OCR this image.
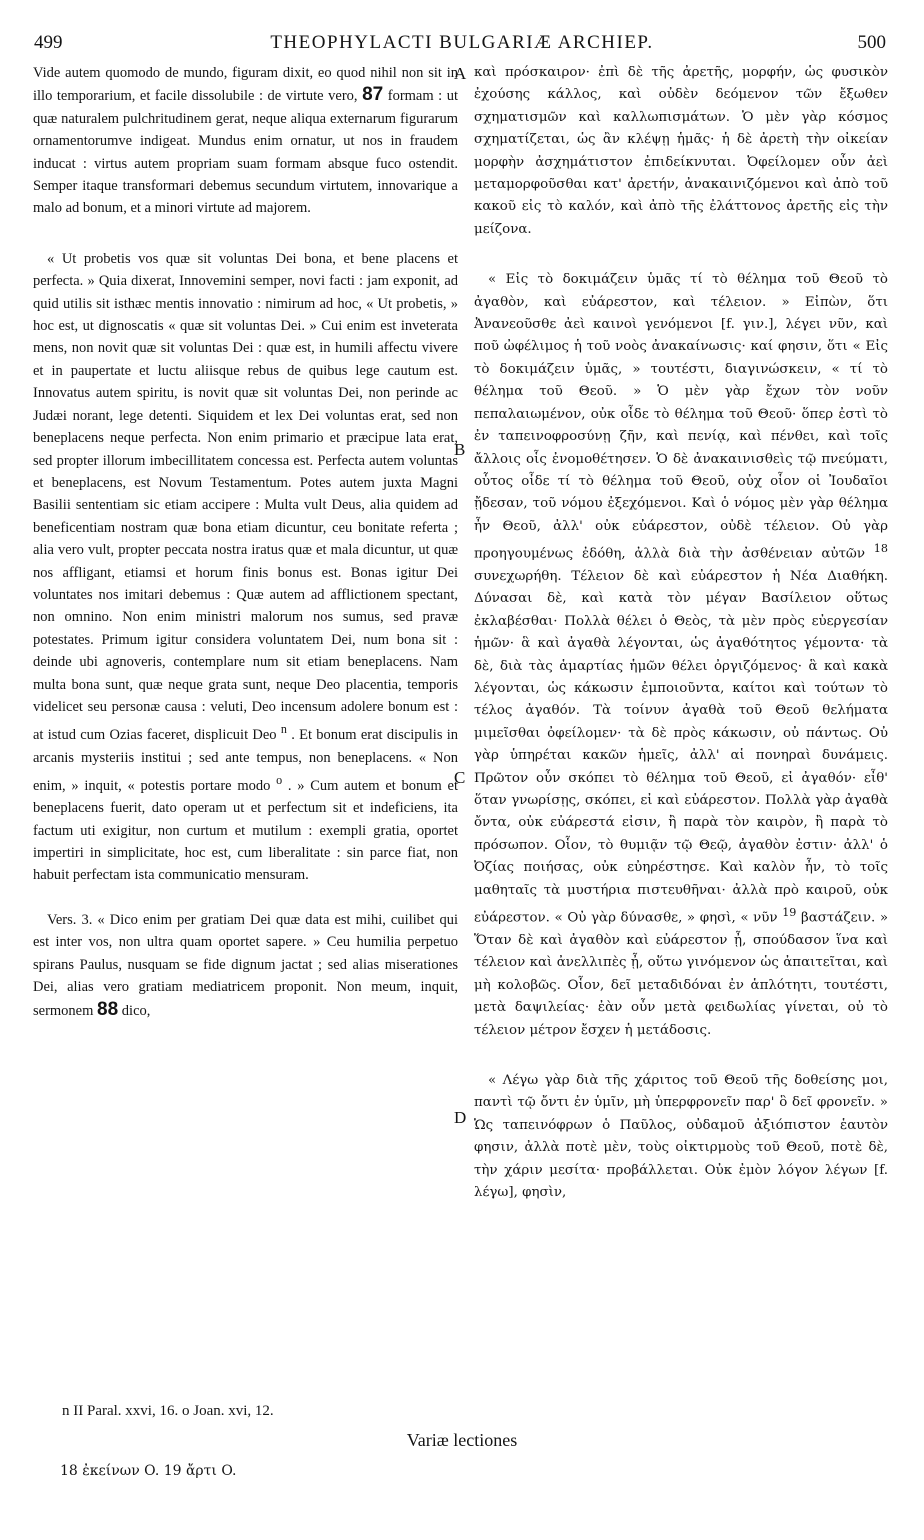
499	THEOPHYLACTI BULGARIÆ ARCHIEP.	500

Vide autem quomodo de mundo, figuram dixit, eo quod nihil non sit in illo temporarium, et facile dissolubile : de virtute vero, 87 formam : ut quæ naturalem pulchritudinem gerat, neque aliqua externarum figurarum ornamentorumve indigeat. Mundus enim ornatur, ut nos in fraudem inducat : virtus autem propriam suam formam absque fuco ostendit. Semper itaque transformari debemus secundum virtutem, innovarique a malo ad bonum, et a minori virtute ad majorem.

« Ut probetis vos quæ sit voluntas Dei bona, et bene placens et perfecta. » Quia dixerat, Innovemini semper, novi facti : jam exponit, ad quid utilis sit isthæc mentis innovatio : nimirum ad hoc, « Ut probetis, » hoc est, ut dignoscatis « quæ sit voluntas Dei. » Cui enim est inveterata mens, non novit quæ sit voluntas Dei : quæ est, in humili affectu vivere et in paupertate et luctu aliisque rebus de quibus lege cautum est. Innovatus autem spiritu, is novit quæ sit voluntas Dei, non perinde ac Judæi norant, lege detenti. Siquidem et lex Dei voluntas erat, sed non beneplacens neque perfecta. Non enim primario et præcipue lata erat, sed propter illorum imbecillitatem concessa est. Perfecta autem voluntas et beneplacens, est Novum Testamentum. Potes autem juxta Magni Basilii sententiam sic etiam accipere : Multa vult Deus, alia quidem ad beneficentiam nostram quæ bona etiam dicuntur, ceu bonitate referta ; alia vero vult, propter peccata nostra iratus quæ et mala dicuntur, ut quæ nos affligant, etiamsi et horum finis bonus est. Bonas igitur Dei voluntates nos imitari debemus : Quæ autem ad afflictionem spectant, non omnino. Non enim ministri malorum nos sumus, sed pravæ potestates. Primum igitur considera voluntatem Dei, num bona sit : deinde ubi agnoveris, contemplare num sit etiam beneplacens. Nam multa bona sunt, quæ neque grata sunt, neque Deo placentia, temporis videlicet seu personæ causa : veluti, Deo incensum adolere bonum est : at istud cum Ozias faceret, displicuit Deo $^n$ . Et bonum erat discipulis in arcanis mysteriis institui ; sed ante tempus, non beneplacens. « Non enim, » inquit, « potestis portare modo $^o$ . » Cum autem et bonum et beneplacens fuerit, dato operam ut et perfectum sit et indeficiens, ita factum uti exigitur, non curtum et mutilum : exempli gratia, oportet impertiri in simplicitate, hoc est, cum liberalitate : sin parce fiat, non habuit perfectam ista communicatio mensuram.

Vers. 3. « Dico enim per gratiam Dei quæ data est mihi, cuilibet qui est inter vos, non ultra quam oportet sapere. » Ceu humilia perpetuo spirans Paulus, nusquam se fide dignum jactat ; sed alias miserationes Dei, alias vero gratiam mediatricem proponit. Non meum, inquit, sermonem 88 dico,

A
B
C
D

καὶ πρόσκαιρον· ἐπὶ δὲ τῆς ἀρετῆς, μορφήν, ὡς φυσικὸν ἐχούσης κάλλος, καὶ οὐδὲν δεόμενον τῶν ἔξωθεν σχηματισμῶν καὶ καλλωπισμάτων. Ὁ μὲν γὰρ κόσμος σχηματίζεται, ὡς ἂν κλέψῃ ἡμᾶς· ἡ δὲ ἀρετὴ τὴν οἰκείαν μορφὴν ἀσχημάτιστον ἐπιδείκνυται. Ὀφείλομεν οὖν ἀεὶ μεταμορφοῦσθαι κατ' ἀρετήν, ἀνακαινιζόμενοι καὶ ἀπὸ τοῦ κακοῦ εἰς τὸ καλόν, καὶ ἀπὸ τῆς ἐλάττονος ἀρετῆς εἰς τὴν μείζονα.

« Εἰς τὸ δοκιμάζειν ὑμᾶς τί τὸ θέλημα τοῦ Θεοῦ τὸ ἀγαθὸν, καὶ εὐάρεστον, καὶ τέλειον. » Εἰπὼν, ὅτι Ἀνανεοῦσθε ἀεὶ καινοὶ γενόμενοι [f. γιν.], λέγει νῦν, καὶ ποῦ ὠφέλιμος ἡ τοῦ νοὸς ἀνακαίνωσις· καί φησιν, ὅτι « Εἰς τὸ δοκιμάζειν ὑμᾶς, » τουτέστι, διαγινώσκειν, « τί τὸ θέλημα τοῦ Θεοῦ. » Ὁ μὲν γὰρ ἔχων τὸν νοῦν πεπαλαιωμένον, οὐκ οἶδε τὸ θέλημα τοῦ Θεοῦ· ὅπερ ἐστὶ τὸ ἐν ταπεινοφροσύνῃ ζῆν, καὶ πενίᾳ, καὶ πένθει, καὶ τοῖς ἄλλοις οἷς ἐνομοθέτησεν. Ὁ δὲ ἀνακαινισθεὶς τῷ πνεύματι, οὗτος οἶδε τί τὸ θέλημα τοῦ Θεοῦ, οὐχ οἷον οἱ Ἰουδαῖοι ᾔδεσαν, τοῦ νόμου ἐξεχόμενοι. Καὶ ὁ νόμος μὲν γὰρ θέλημα ἦν Θεοῦ, ἀλλ' οὐκ εὐάρεστον, οὐδὲ τέλειον. Οὐ γὰρ προηγουμένως ἐδόθη, ἀλλὰ διὰ τὴν ἀσθένειαν αὐτῶν $^{18}$ συνεχωρήθη. Τέλειον δὲ καὶ εὐάρεστον ἡ Νέα Διαθήκη. Δύνασαι δὲ, καὶ κατὰ τὸν μέγαν Βασίλειον οὕτως ἐκλαβέσθαι· Πολλὰ θέλει ὁ Θεὸς, τὰ μὲν πρὸς εὐεργεσίαν ἡμῶν· ἃ καὶ ἀγαθὰ λέγονται, ὡς ἀγαθότητος γέμοντα· τὰ δὲ, διὰ τὰς ἁμαρτίας ἡμῶν θέλει ὀργιζόμενος· ἃ καὶ κακὰ λέγονται, ὡς κάκωσιν ἐμποιοῦντα, καίτοι καὶ τούτων τὸ τέλος ἀγαθόν. Τὰ τοίνυν ἀγαθὰ τοῦ Θεοῦ θελήματα μιμεῖσθαι ὀφείλομεν· τὰ δὲ πρὸς κάκωσιν, οὐ πάντως. Οὐ γὰρ ὑπηρέται κακῶν ἡμεῖς, ἀλλ' αἱ πονηραὶ δυνάμεις. Πρῶτον οὖν σκόπει τὸ θέλημα τοῦ Θεοῦ, εἰ ἀγαθόν· εἶθ' ὅταν γνωρίσῃς, σκόπει, εἰ καὶ εὐάρεστον. Πολλὰ γὰρ ἀγαθὰ ὄντα, οὐκ εὐάρεστά εἰσιν, ἢ παρὰ τὸν καιρὸν, ἢ παρὰ τὸ πρόσωπον. Οἷον, τὸ θυμιᾷν τῷ Θεῷ, ἀγαθὸν ἐστιν· ἀλλ' ὁ Ὀζίας ποιήσας, οὐκ εὐηρέστησε. Καὶ καλὸν ἦν, τὸ τοῖς μαθηταῖς τὰ μυστήρια πιστευθῆναι· ἀλλὰ πρὸ καιροῦ, οὐκ εὐάρεστον. « Οὐ γὰρ δύνασθε, » φησὶ, « νῦν $^{19}$ βαστάζειν. » Ὅταν δὲ καὶ ἀγαθὸν καὶ εὐάρεστον ᾖ, σπούδασον ἵνα καὶ τέλειον καὶ ἀνελλιπὲς ᾖ, οὕτω γινόμενον ὡς ἀπαιτεῖται, καὶ μὴ κολοβῶς. Οἷον, δεῖ μεταδιδόναι ἐν ἁπλότητι, τουτέστι, μετὰ δαψιλείας· ἐὰν οὖν μετὰ φειδωλίας γίνεται, οὐ τὸ τέλειον μέτρον ἔσχεν ἡ μετάδοσις.

« Λέγω γὰρ διὰ τῆς χάριτος τοῦ Θεοῦ τῆς δοθείσης μοι, παντὶ τῷ ὄντι ἐν ὑμῖν, μὴ ὑπερφρονεῖν παρ' ὃ δεῖ φρονεῖν. » Ὡς ταπεινόφρων ὁ Παῦλος, οὐδαμοῦ ἀξιόπιστον ἑαυτὸν φησιν, ἀλλὰ ποτὲ μὲν, τοὺς οἰκτιρμοὺς τοῦ Θεοῦ, ποτὲ δὲ, τὴν χάριν μεσίτα· προβάλλεται. Οὐκ ἐμὸν λόγον λέγων [f. λέγω], φησὶν,

n II Paral. xxvi, 16. o Joan. xvi, 12.
Variæ lectiones
18 ἐκείνων O. 19 ἄρτι O.
